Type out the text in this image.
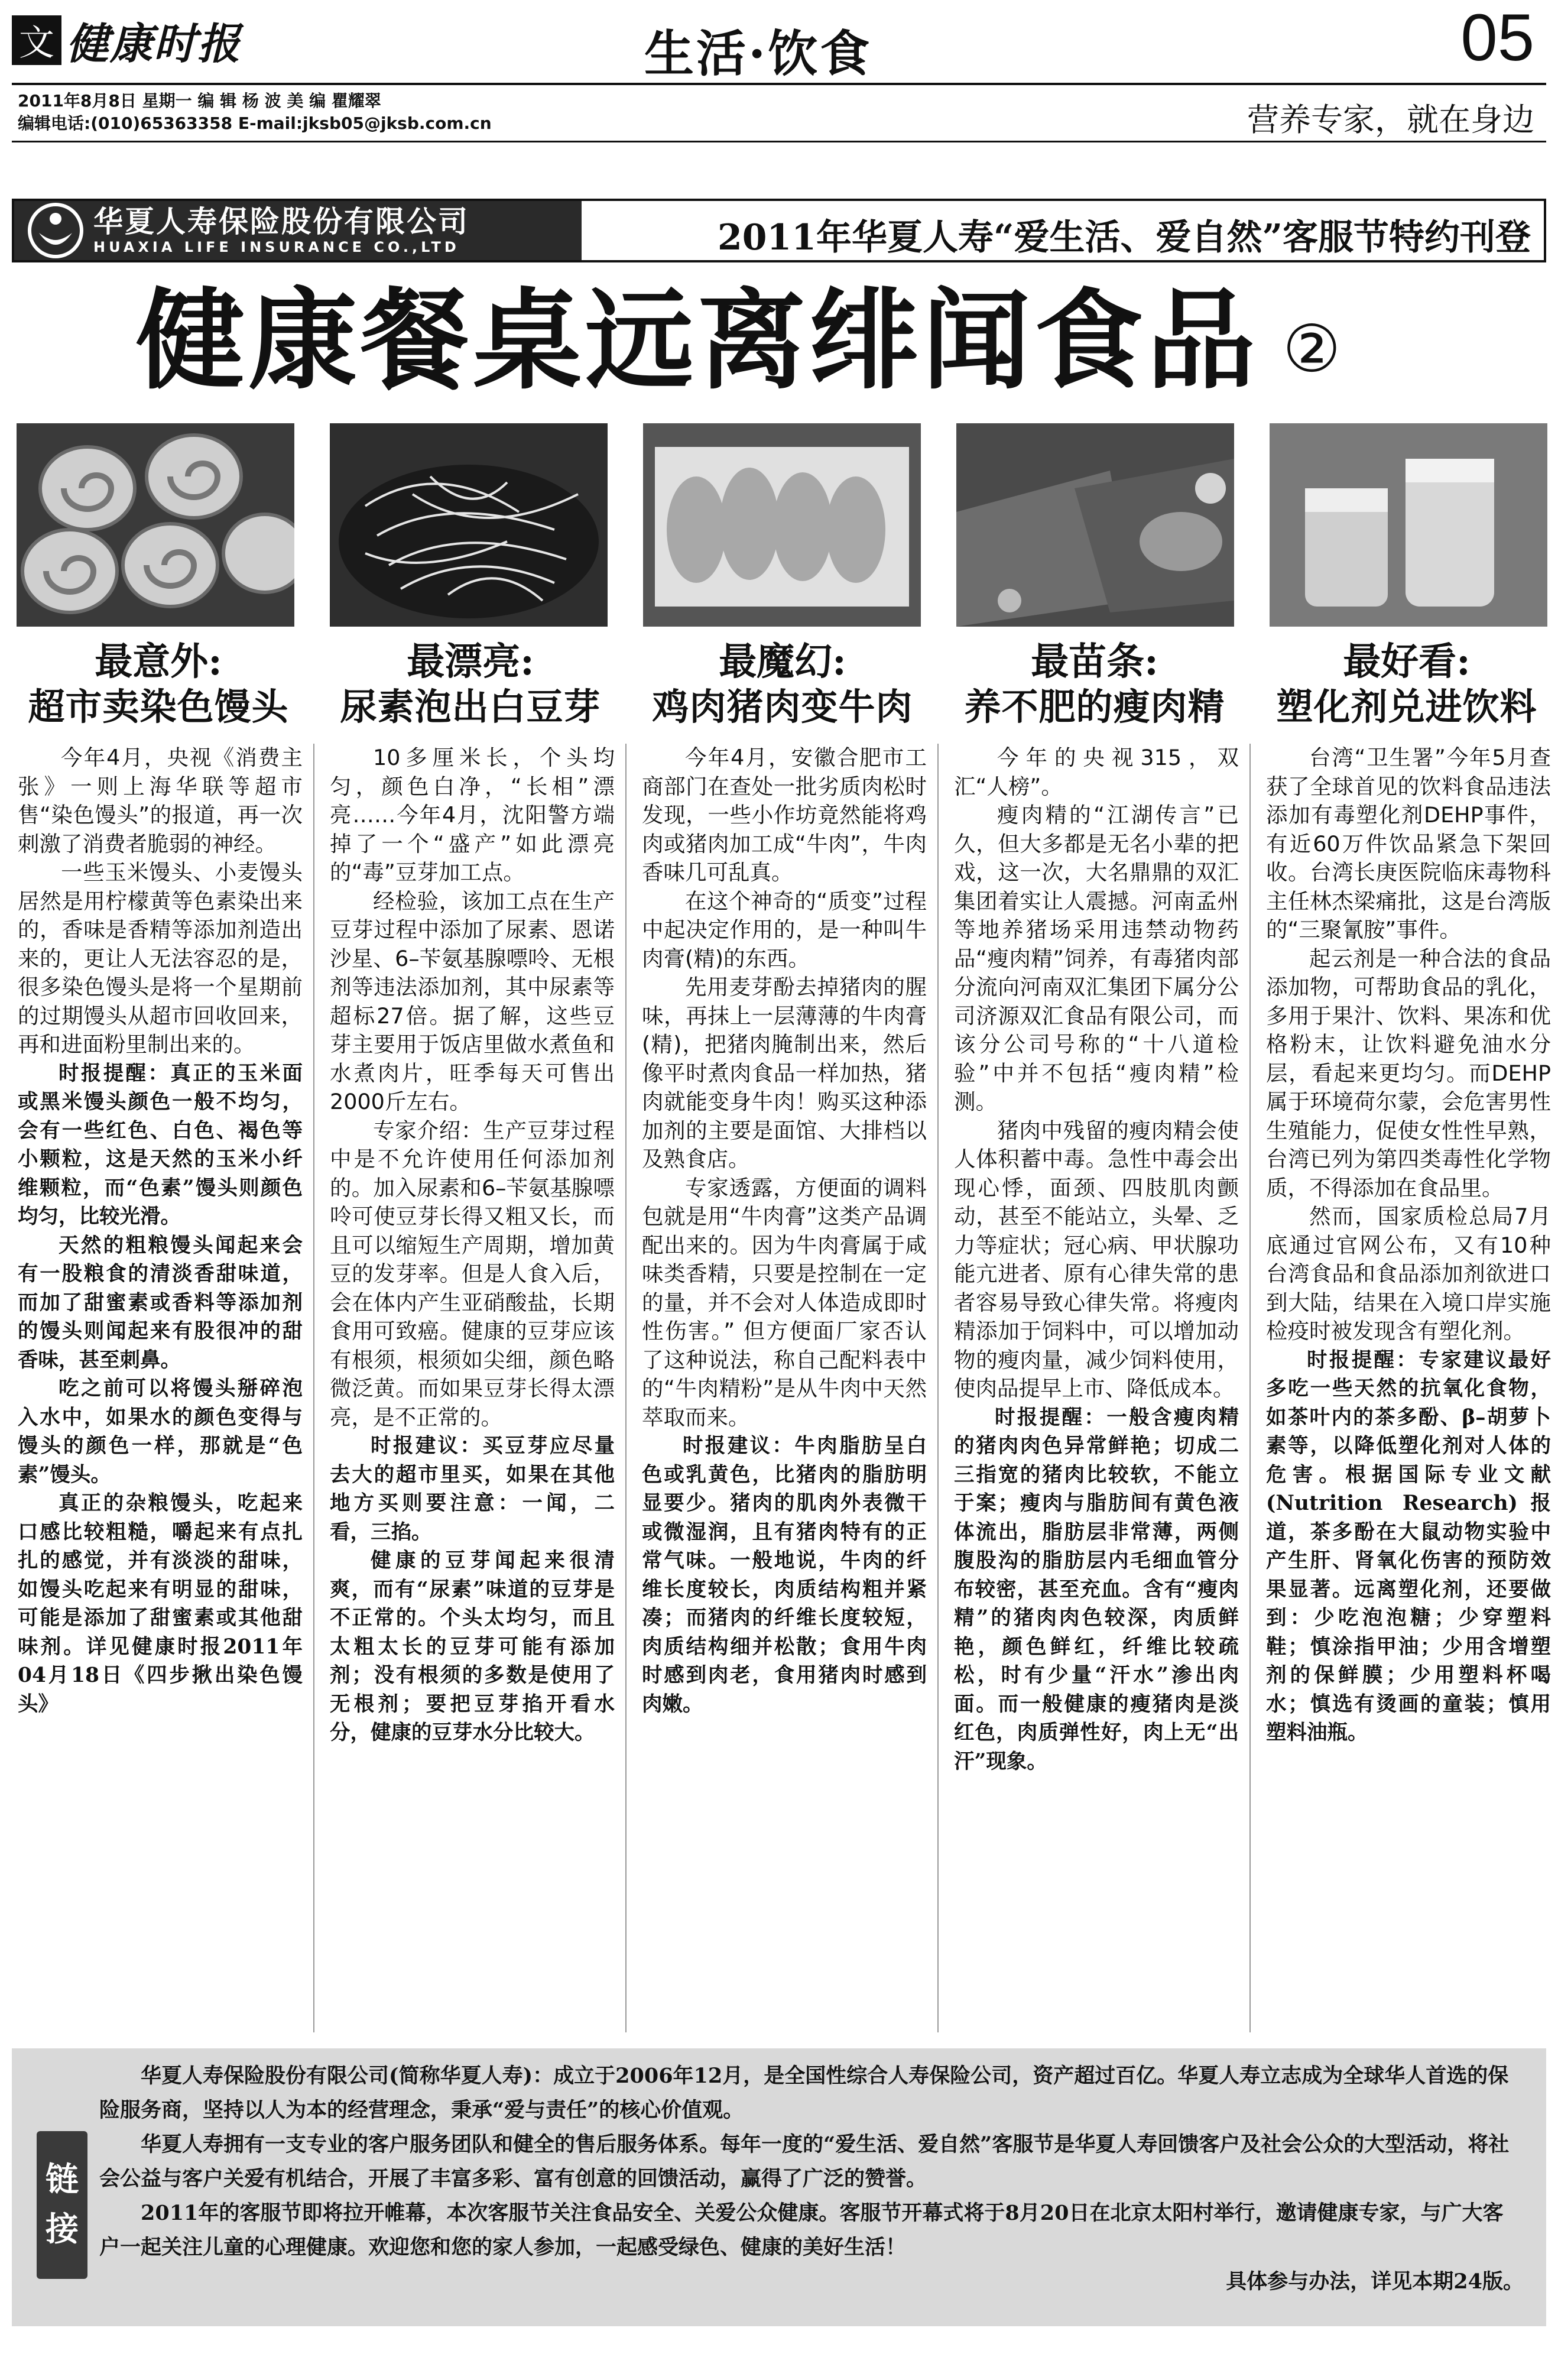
文 健康时报	生活·饮食	05
2011年8月8日 星期一 编 辑 杨 波 美 编 瞿耀翠
编辑电话:(010)65363358 E-mail:jksb05@jksb.com.cn	营养专家，就在身边
华夏人寿保险股份有限公司
HUAXIA LIFE INSURANCE CO.,LTD	2011年华夏人寿“爱生活、爱自然”客服节特约刊登
健康餐桌远离绯闻食品 ②
最意外:
超市卖染色馒头
最漂亮:
尿素泡出白豆芽
最魔幻:
鸡肉猪肉变牛肉
最苗条:
养不肥的瘦肉精
最好看:
塑化剂兑进饮料

今年4月，央视《消费主张》一则上海华联等超市售“染色馒头”的报道，再一次刺激了消费者脆弱的神经。

一些玉米馒头、小麦馒头居然是用柠檬黄等色素染出来的，香味是香精等添加剂造出来的，更让人无法容忍的是，很多染色馒头是将一个星期前的过期馒头从超市回收回来，再和进面粉里制出来的。

时报提醒：真正的玉米面或黑米馒头颜色一般不均匀，会有一些红色、白色、褐色等小颗粒，这是天然的玉米小纤维颗粒，而“色素”馒头则颜色均匀，比较光滑。

天然的粗粮馒头闻起来会有一股粮食的清淡香甜味道，而加了甜蜜素或香料等添加剂的馒头则闻起来有股很冲的甜香味，甚至刺鼻。

吃之前可以将馒头掰碎泡入水中，如果水的颜色变得与馒头的颜色一样，那就是“色素”馒头。

真正的杂粮馒头，吃起来口感比较粗糙，嚼起来有点扎扎的感觉，并有淡淡的甜味，如馒头吃起来有明显的甜味，可能是添加了甜蜜素或其他甜味剂。详见健康时报2011年04月18日《四步揪出染色馒头》

10多厘米长，个头均匀，颜色白净，“长相”漂亮……今年4月，沈阳警方端掉了一个“盛产”如此漂亮的“毒”豆芽加工点。

经检验，该加工点在生产豆芽过程中添加了尿素、恩诺沙星、6–苄氨基腺嘌呤、无根剂等违法添加剂，其中尿素等超标27倍。据了解，这些豆芽主要用于饭店里做水煮鱼和水煮肉片，旺季每天可售出2000斤左右。

专家介绍：生产豆芽过程中是不允许使用任何添加剂的。加入尿素和6–苄氨基腺嘌呤可使豆芽长得又粗又长，而且可以缩短生产周期，增加黄豆的发芽率。但是人食入后，会在体内产生亚硝酸盐，长期食用可致癌。健康的豆芽应该有根须，根须如尖细，颜色略微泛黄。而如果豆芽长得太漂亮，是不正常的。

时报建议：买豆芽应尽量去大的超市里买，如果在其他地方买则要注意：一闻，二看，三掐。

健康的豆芽闻起来很清爽，而有“尿素”味道的豆芽是不正常的。个头太均匀，而且太粗太长的豆芽可能有添加剂；没有根须的多数是使用了无根剂；要把豆芽掐开看水分，健康的豆芽水分比较大。

今年4月，安徽合肥市工商部门在查处一批劣质肉松时发现，一些小作坊竟然能将鸡肉或猪肉加工成“牛肉”，牛肉香味几可乱真。

在这个神奇的“质变”过程中起决定作用的，是一种叫牛肉膏(精)的东西。

先用麦芽酚去掉猪肉的腥味，再抹上一层薄薄的牛肉膏(精)，把猪肉腌制出来，然后像平时煮肉食品一样加热，猪肉就能变身牛肉！购买这种添加剂的主要是面馆、大排档以及熟食店。

专家透露，方便面的调料包就是用“牛肉膏”这类产品调配出来的。因为牛肉膏属于咸味类香精，只要是控制在一定的量，并不会对人体造成即时性伤害。” 但方便面厂家否认了这种说法，称自己配料表中的“牛肉精粉”是从牛肉中天然萃取而来。

时报建议：牛肉脂肪呈白色或乳黄色，比猪肉的脂肪明显要少。猪肉的肌肉外表微干或微湿润，且有猪肉特有的正常气味。一般地说，牛肉的纤维长度较长，肉质结构粗并紧凑；而猪肉的纤维长度较短，肉质结构细并松散；食用牛肉时感到肉老，食用猪肉时感到肉嫩。

今年的央视315，双汇“人榜”。

瘦肉精的“江湖传言”已久，但大多都是无名小辈的把戏，这一次，大名鼎鼎的双汇集团着实让人震撼。河南孟州等地养猪场采用违禁动物药品“瘦肉精”饲养，有毒猪肉部分流向河南双汇集团下属分公司济源双汇食品有限公司，而该分公司号称的“十八道检验”中并不包括“瘦肉精”检测。

猪肉中残留的瘦肉精会使人体积蓄中毒。急性中毒会出现心悸，面颈、四肢肌肉颤动，甚至不能站立，头晕、乏力等症状；冠心病、甲状腺功能亢进者、原有心律失常的患者容易导致心律失常。将瘦肉精添加于饲料中，可以增加动物的瘦肉量，减少饲料使用，使肉品提早上市、降低成本。

时报提醒：一般含瘦肉精的猪肉肉色异常鲜艳；切成二三指宽的猪肉比较软，不能立于案；瘦肉与脂肪间有黄色液体流出，脂肪层非常薄，两侧腹股沟的脂肪层内毛细血管分布较密，甚至充血。含有“瘦肉精”的猪肉肉色较深，肉质鲜艳，颜色鲜红，纤维比较疏松，时有少量“汗水”渗出肉面。而一般健康的瘦猪肉是淡红色，肉质弹性好，肉上无“出汗”现象。

台湾“卫生署”今年5月查获了全球首见的饮料食品违法添加有毒塑化剂DEHP事件，有近60万件饮品紧急下架回收。台湾长庚医院临床毒物科主任林杰梁痛批，这是台湾版的“三聚氰胺”事件。

起云剂是一种合法的食品添加物，可帮助食品的乳化，多用于果汁、饮料、果冻和优格粉末，让饮料避免油水分层，看起来更均匀。而DEHP属于环境荷尔蒙，会危害男性生殖能力，促使女性性早熟，台湾已列为第四类毒性化学物质，不得添加在食品里。

然而，国家质检总局7月底通过官网公布，又有10种台湾食品和食品添加剂欲进口到大陆，结果在入境口岸实施检疫时被发现含有塑化剂。

时报提醒：专家建议最好多吃一些天然的抗氧化食物，如茶叶内的茶多酚、β–胡萝卜素等，以降低塑化剂对人体的危害。根据国际专业文献(Nutrition Research)报道，茶多酚在大鼠动物实验中产生肝、肾氧化伤害的预防效果显著。远离塑化剂，还要做到：少吃泡泡糖；少穿塑料鞋；慎涂指甲油；少用含增塑剂的保鲜膜；少用塑料杯喝水；慎选有烫画的童装；慎用塑料油瓶。

链
接

华夏人寿保险股份有限公司(简称华夏人寿)：成立于2006年12月，是全国性综合人寿保险公司，资产超过百亿。华夏人寿立志成为全球华人首选的保险服务商，坚持以人为本的经营理念，秉承“爱与责任”的核心价值观。

华夏人寿拥有一支专业的客户服务团队和健全的售后服务体系。每年一度的“爱生活、爱自然”客服节是华夏人寿回馈客户及社会公众的大型活动，将社会公益与客户关爱有机结合，开展了丰富多彩、富有创意的回馈活动，赢得了广泛的赞誉。

2011年的客服节即将拉开帷幕，本次客服节关注食品安全、关爱公众健康。客服节开幕式将于8月20日在北京太阳村举行，邀请健康专家，与广大客户一起关注儿童的心理健康。欢迎您和您的家人参加，一起感受绿色、健康的美好生活！

具体参与办法，详见本期24版。
